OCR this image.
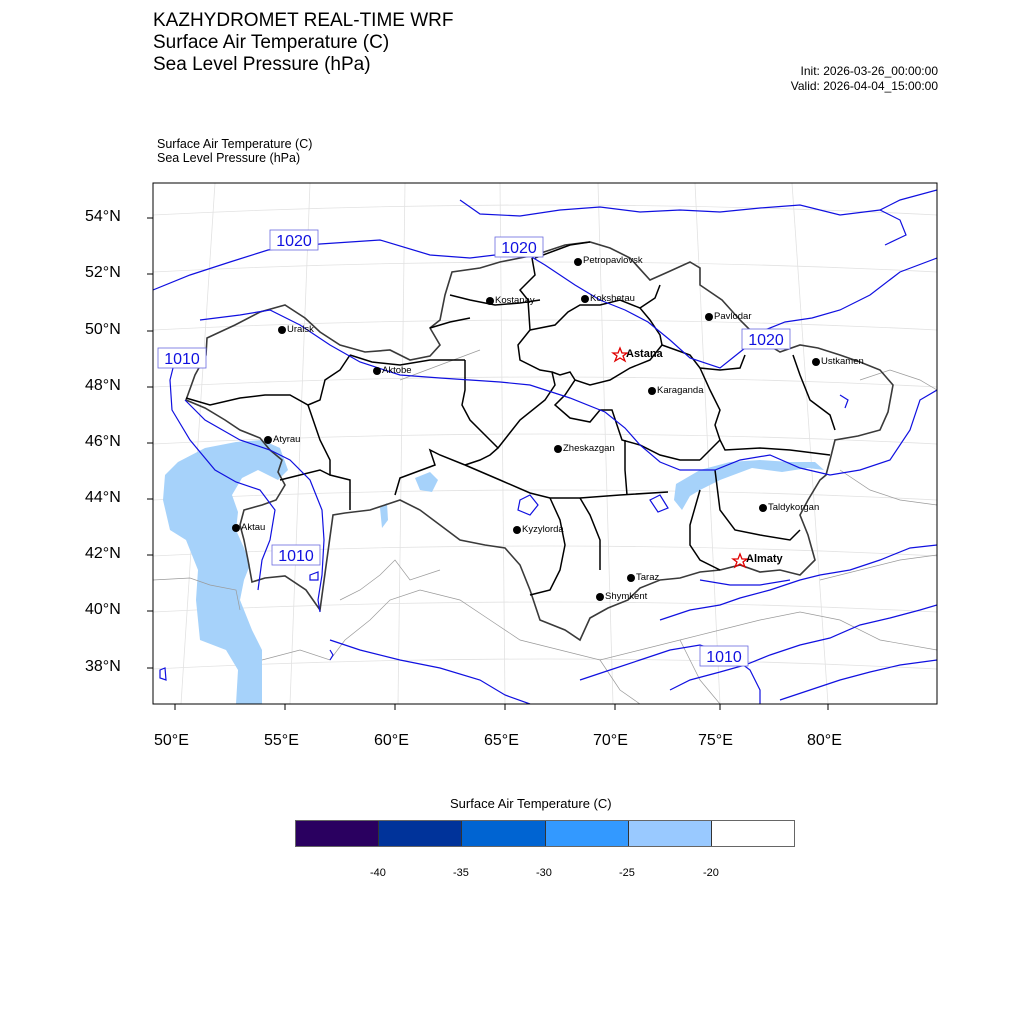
KAZHYDROMET REAL-TIME WRF
Surface Air Temperature (C)
Sea Level Pressure (hPa)	Init: 2026-03-26_00:00:00
Valid: 2026-04-04_15:00:00
Surface Air Temperature (C)
Sea Level Pressure (hPa)
1020	1020
1020
1010
1010
1010
Petropavlovsk
Kostanay	Kokshetau
Pavlodar
Uralsk
Astana
Ustkamen
Aktobe
Karaganda
Atyrau
Zheskazgan
Aktau	Kyzylorda
Taldykorgan
Almaty
Taraz
Shymkent
54°N
52°N
50°N
48°N
46°N
44°N
42°N
40°N
38°N
50°E	55°E	60°E	65°E	70°E	75°E	80°E
Surface Air Temperature (C)
-40	-35	-30	-25	-20
